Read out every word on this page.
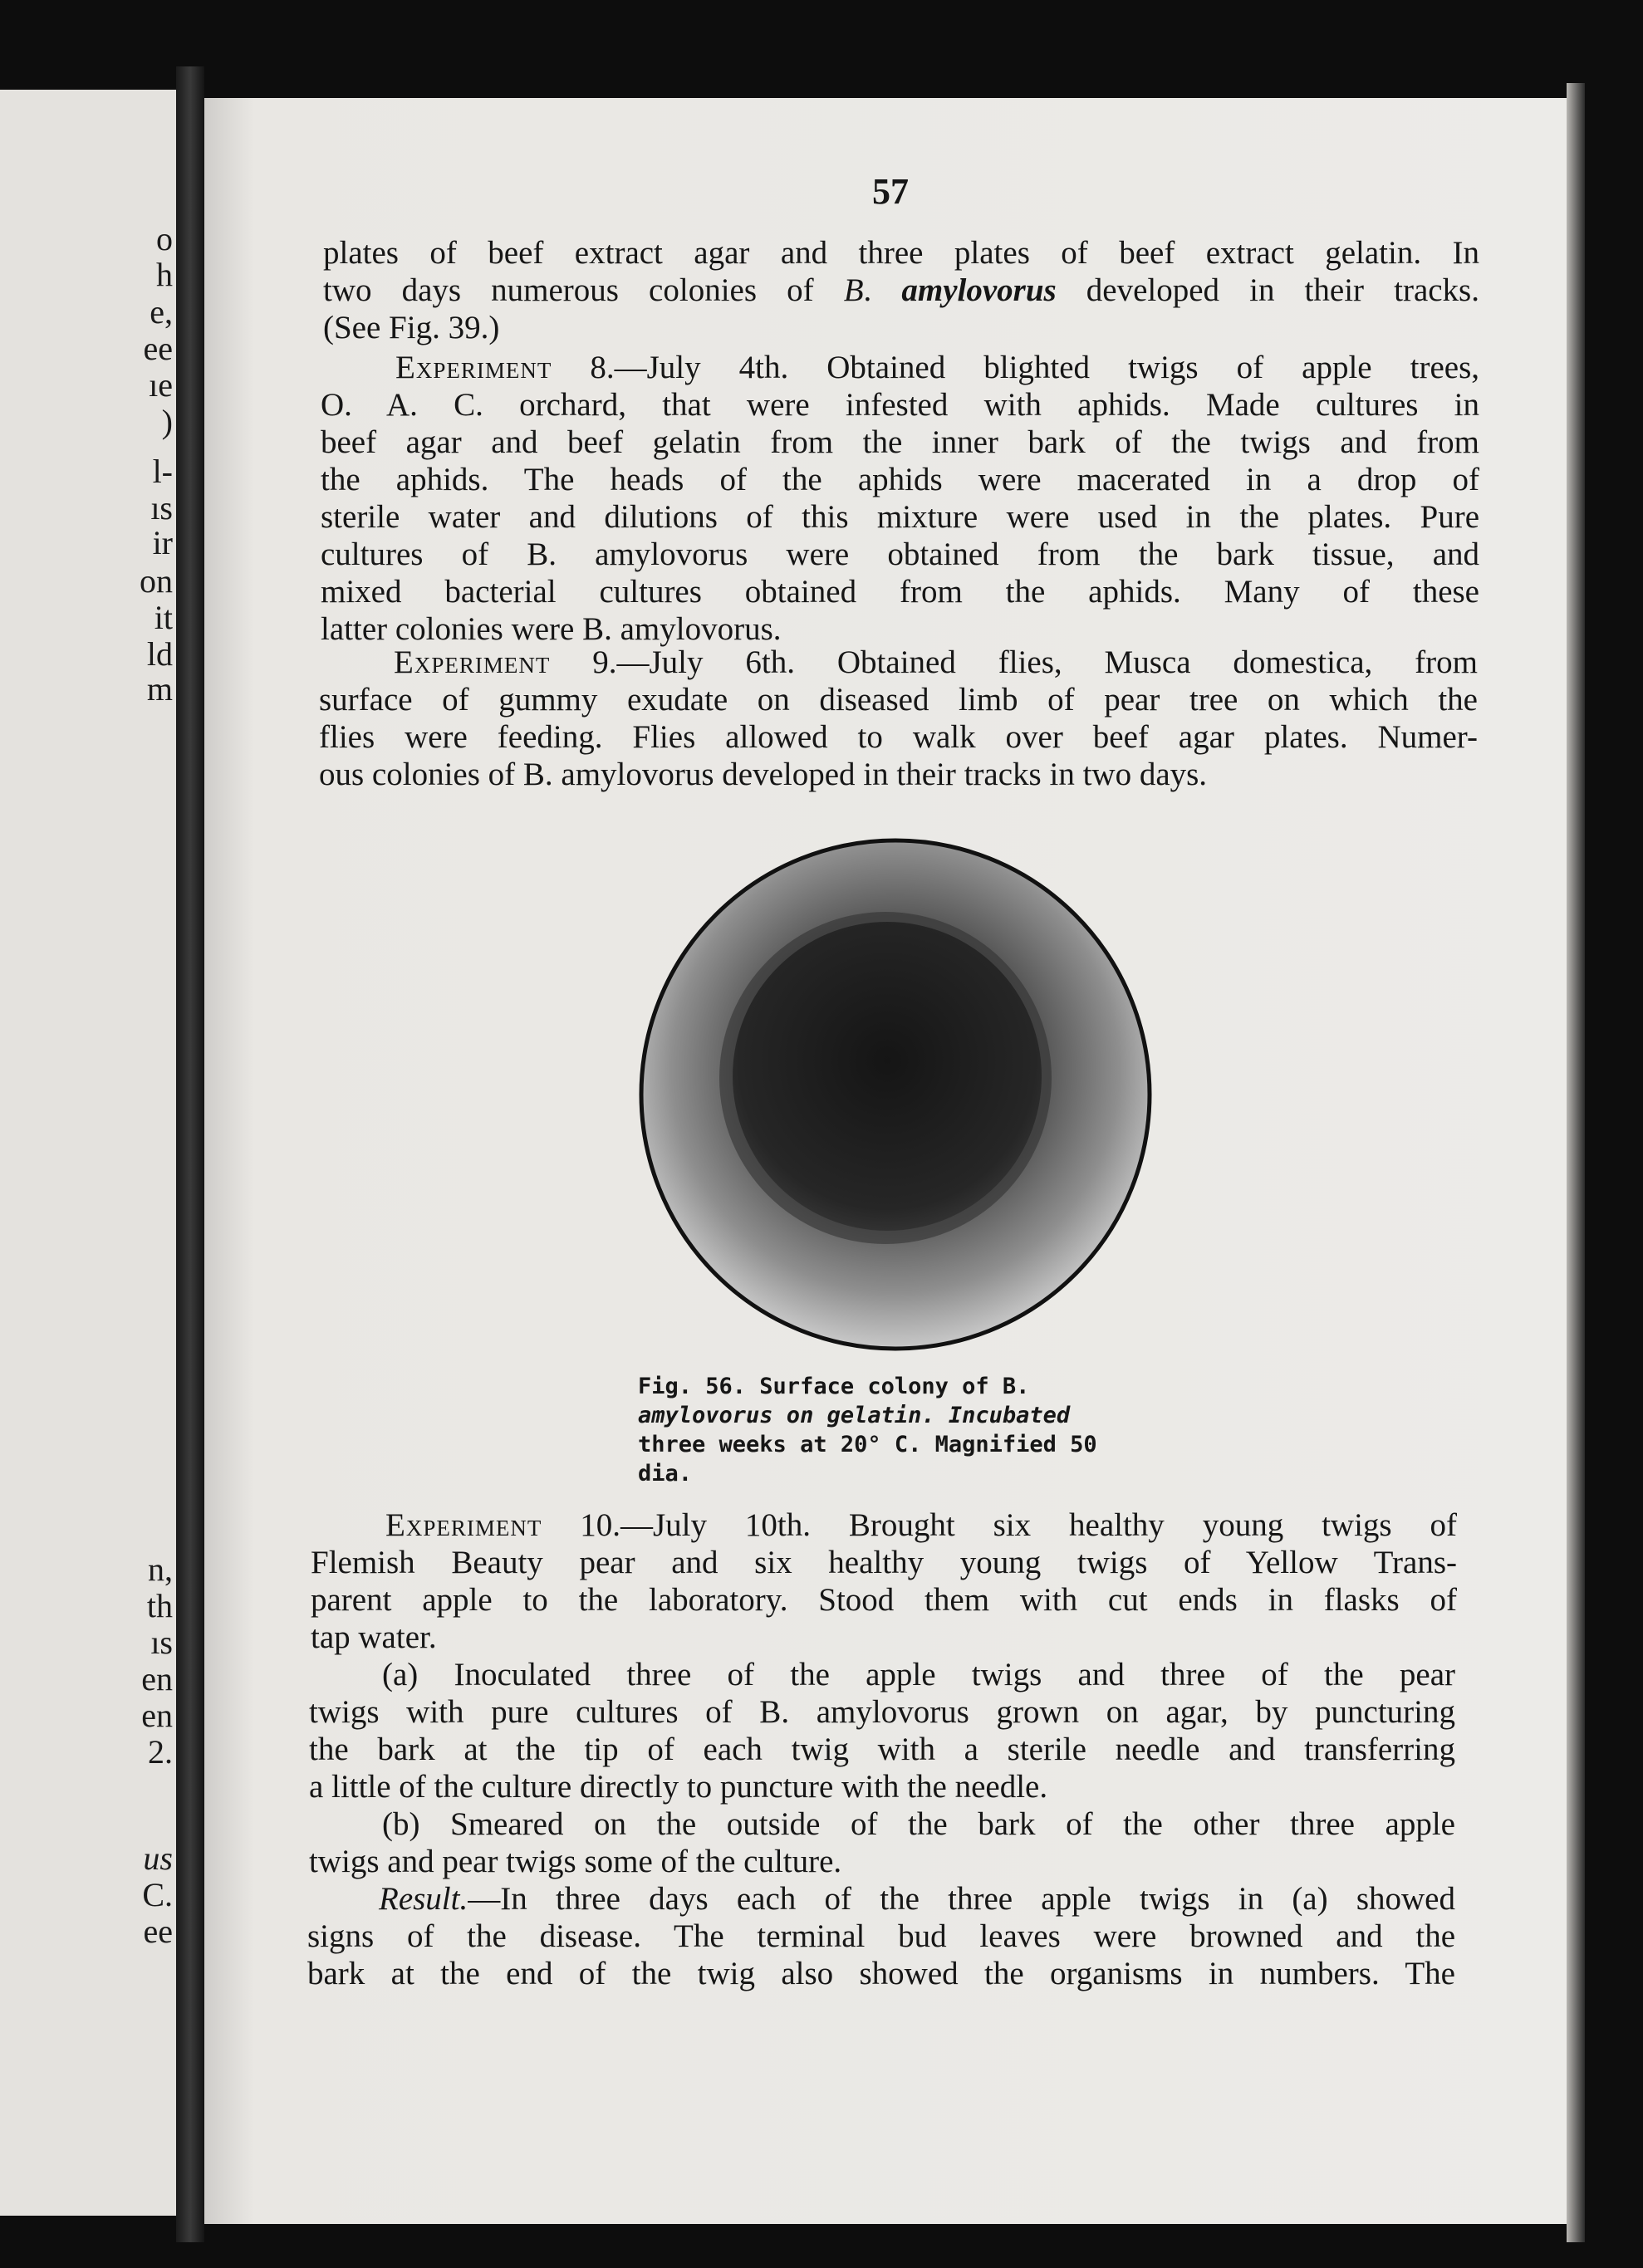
57
plates of beef extract agar and three plates of beef extract gelatin. In
two days numerous colonies of B. amylovorus developed in their tracks.
(See Fig. 39.)
Experiment 8.—July 4th. Obtained blighted twigs of apple trees,
O. A. C. orchard, that were infested with aphids. Made cultures in
beef agar and beef gelatin from the inner bark of the twigs and from
the aphids. The heads of the aphids were macerated in a drop of
sterile water and dilutions of this mixture were used in the plates. Pure
cultures of B. amylovorus were obtained from the bark tissue, and
mixed bacterial cultures obtained from the aphids. Many of these
latter colonies were B. amylovorus.
Experiment 9.—July 6th. Obtained flies, Musca domestica, from
surface of gummy exudate on diseased limb of pear tree on which the
flies were feeding. Flies allowed to walk over beef agar plates. Numer-
ous colonies of B. amylovorus developed in their tracks in two days.
Fig. 56. Surface colony of B.
amylovorus on gelatin. Incubated
three weeks at 20° C. Magnified 50
dia.
Experiment 10.—July 10th. Brought six healthy young twigs of
Flemish Beauty pear and six healthy young twigs of Yellow Trans-
parent apple to the laboratory. Stood them with cut ends in flasks of
tap water.
(a) Inoculated three of the apple twigs and three of the pear
twigs with pure cultures of B. amylovorus grown on agar, by puncturing
the bark at the tip of each twig with a sterile needle and transferring
a little of the culture directly to puncture with the needle.
(b) Smeared on the outside of the bark of the other three apple
twigs and pear twigs some of the culture.
Result.—In three days each of the three apple twigs in (a) showed
signs of the disease. The terminal bud leaves were browned and the
bark at the end of the twig also showed the organisms in numbers. The
o
h
e,
ee
ıe
)
l-
ıs
ir
on
it
ld
m
n,
th
ıs
en
en
2.
us
C.
ee
